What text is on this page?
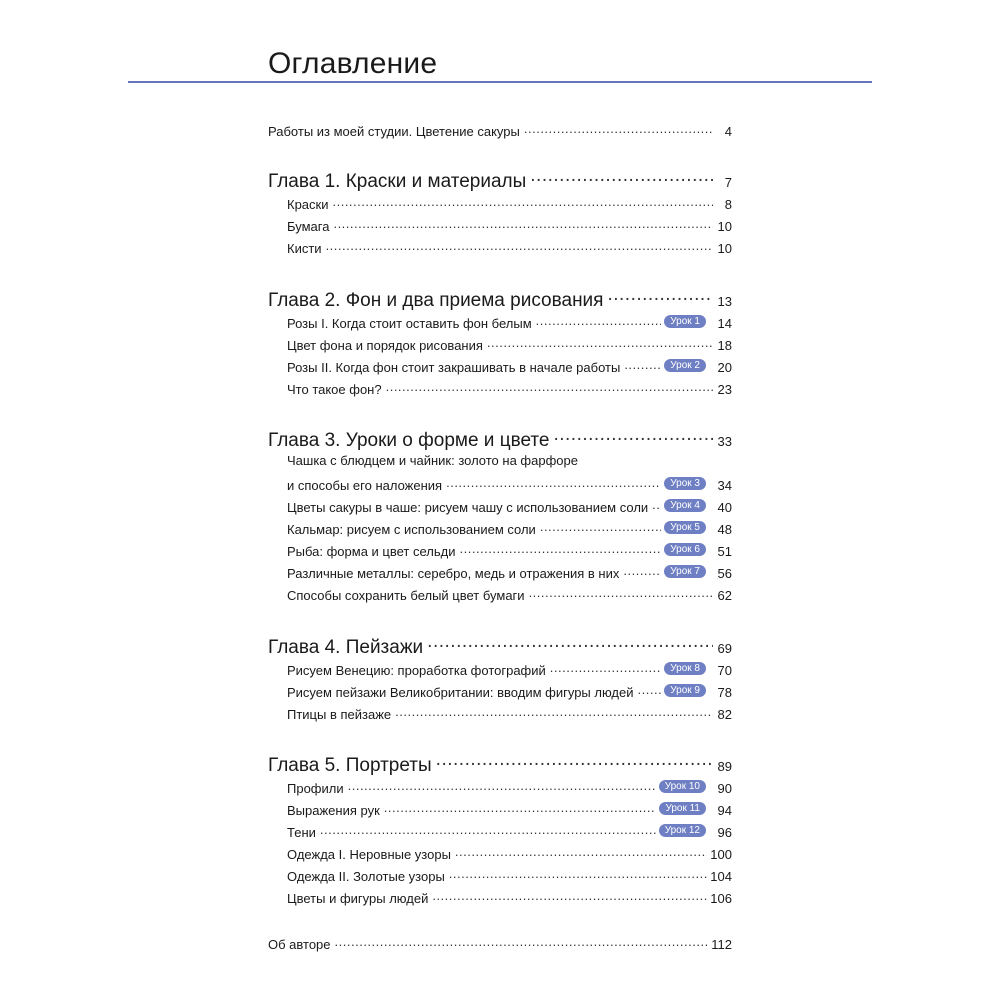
Оглавление
Работы из моей студии. Цветение сакуры .....	4
Глава 1. Краски и материалы .....	7
Краски .....	8
Бумага .....	10
Кисти .....	10
Глава 2. Фон и два приема рисования .....	13
Розы I. Когда стоит оставить фон белым .....	Урок 1	14
Цвет фона и порядок рисования .....	18
Розы II. Когда фон стоит закрашивать в начале работы .....	Урок 2	20
Что такое фон? .....	23
Глава 3. Уроки о форме и цвете .....	33
Чашка с блюдцем и чайник: золото на фарфоре
и способы его наложения .....	Урок 3	34
Цветы сакуры в чаше: рисуем чашу с использованием соли .....	Урок 4	40
Кальмар: рисуем с использованием соли .....	Урок 5	48
Рыба: форма и цвет сельди .....	Урок 6	51
Различные металлы: серебро, медь и отражения в них .....	Урок 7	56
Способы сохранить белый цвет бумаги .....	62
Глава 4. Пейзажи .....	69
Рисуем Венецию: проработка фотографий .....	Урок 8	70
Рисуем пейзажи Великобритании: вводим фигуры людей .....	Урок 9	78
Птицы в пейзаже .....	82
Глава 5. Портреты .....	89
Профили .....	Урок 10	90
Выражения рук .....	Урок 11	94
Тени .....	Урок 12	96
Одежда I. Неровные узоры .....	100
Одежда II. Золотые узоры .....	104
Цветы и фигуры людей .....	106
Об авторе .....	112
